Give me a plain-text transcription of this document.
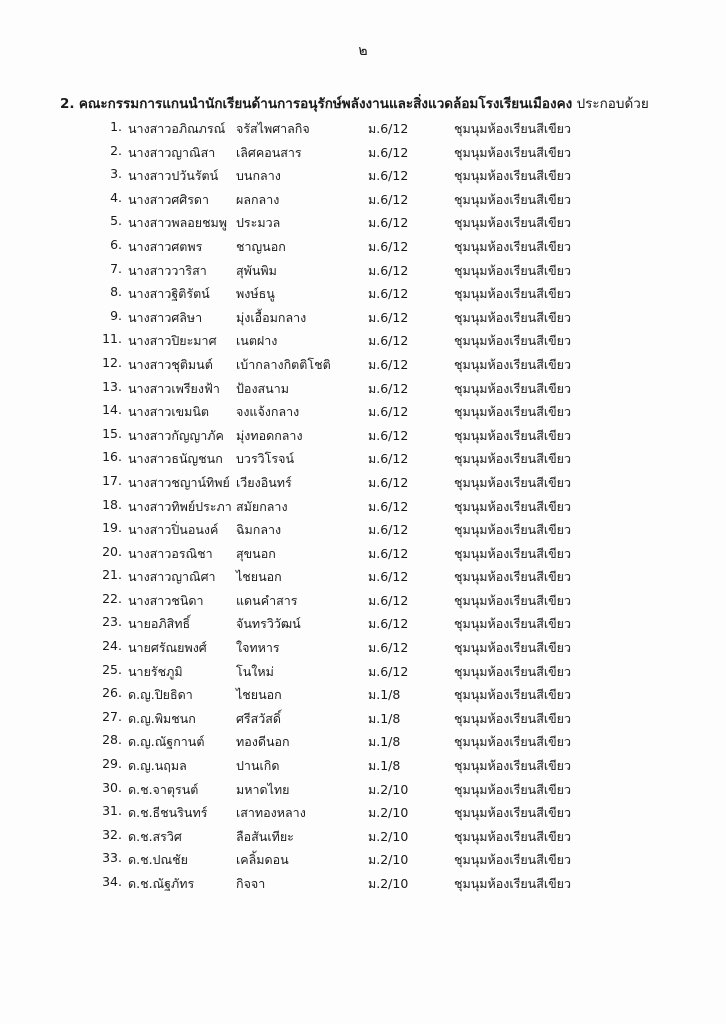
๒
2. คณะกรรมการแกนนำนักเรียนด้านการอนุรักษ์พลังงานและสิ่งแวดล้อมโรงเรียนเมืองคง ประกอบด้วย
1. นางสาวอภิณภรณ์ จรัสไพศาลกิจ	ม.6/12	ชุมนุมห้องเรียนสีเขียว
2. นางสาวญาณิสา เลิศคอนสาร	ม.6/12	ชุมนุมห้องเรียนสีเขียว
3. นางสาวปวันรัตน์ บนกลาง	ม.6/12	ชุมนุมห้องเรียนสีเขียว
4. นางสาวศศิรดา ผลกลาง	ม.6/12	ชุมนุมห้องเรียนสีเขียว
5. นางสาวพลอยชมพู ประมวล	ม.6/12	ชุมนุมห้องเรียนสีเขียว
6. นางสาวศตพร	ชาญนอก	ม.6/12	ชุมนุมห้องเรียนสีเขียว
7. นางสาววาริสา สุพันพิม	ม.6/12	ชุมนุมห้องเรียนสีเขียว
8. นางสาวฐิติรัตน์ พงษ์ธนู	ม.6/12	ชุมนุมห้องเรียนสีเขียว
9. นางสาวศลิษา	มุ่งเอื้อมกลาง	ม.6/12	ชุมนุมห้องเรียนสีเขียว
11. นางสาวปิยะมาศ เนตฝาง	ม.6/12	ชุมนุมห้องเรียนสีเขียว
12. นางสาวชุติมนต์ เบ้ากลางกิตติโชติ	ม.6/12	ชุมนุมห้องเรียนสีเขียว
13. นางสาวเพรียงฟ้า ป้องสนาม	ม.6/12	ชุมนุมห้องเรียนสีเขียว
14. นางสาวเขมนิต จงแจ้งกลาง	ม.6/12	ชุมนุมห้องเรียนสีเขียว
15. นางสาวกัญญาภัค มุ่งทอดกลาง	ม.6/12	ชุมนุมห้องเรียนสีเขียว
16. นางสาวธนัญชนก บวรวิโรจน์	ม.6/12	ชุมนุมห้องเรียนสีเขียว
17. นางสาวชญาน์ทิพย์ เวียงอินทร์	ม.6/12	ชุมนุมห้องเรียนสีเขียว
18. นางสาวทิพย์ประภา สมัยกลาง	ม.6/12	ชุมนุมห้องเรียนสีเขียว
19. นางสาวปิ่นอนงค์ ฉิมกลาง	ม.6/12	ชุมนุมห้องเรียนสีเขียว
20. นางสาวอรณิชา สุขนอก	ม.6/12	ชุมนุมห้องเรียนสีเขียว
21. นางสาวญาณิศา ไชยนอก	ม.6/12	ชุมนุมห้องเรียนสีเขียว
22. นางสาวชนิดา	แดนคำสาร	ม.6/12	ชุมนุมห้องเรียนสีเขียว
23. นายอภิสิทธิ์	จันทรวิวัฒน์	ม.6/12	ชุมนุมห้องเรียนสีเขียว
24. นายศรัณยพงศ์ ใจทหาร	ม.6/12	ชุมนุมห้องเรียนสีเขียว
25. นายรัชภูมิ	โนใหม่	ม.6/12	ชุมนุมห้องเรียนสีเขียว
26. ด.ญ.ปิยธิดา	ไชยนอก	ม.1/8	ชุมนุมห้องเรียนสีเขียว
27. ด.ญ.พิมชนก	ศรีสวัสดิ์	ม.1/8	ชุมนุมห้องเรียนสีเขียว
28. ด.ญ.ณัฐกานต์	ทองดีนอก	ม.1/8	ชุมนุมห้องเรียนสีเขียว
29. ด.ญ.นฤมล	ปานเกิด	ม.1/8	ชุมนุมห้องเรียนสีเขียว
30. ด.ช.จาตุรนต์	มหาดไทย	ม.2/10	ชุมนุมห้องเรียนสีเขียว
31. ด.ช.ธีชนรินทร์ เสาทองหลาง	ม.2/10	ชุมนุมห้องเรียนสีเขียว
32. ด.ช.สรวิศ	ลือสันเทียะ	ม.2/10	ชุมนุมห้องเรียนสีเขียว
33. ด.ช.ปณชัย	เคลิ้มดอน	ม.2/10	ชุมนุมห้องเรียนสีเขียว
34. ด.ช.ณัฐภัทร	กิจจา	ม.2/10	ชุมนุมห้องเรียนสีเขียว
